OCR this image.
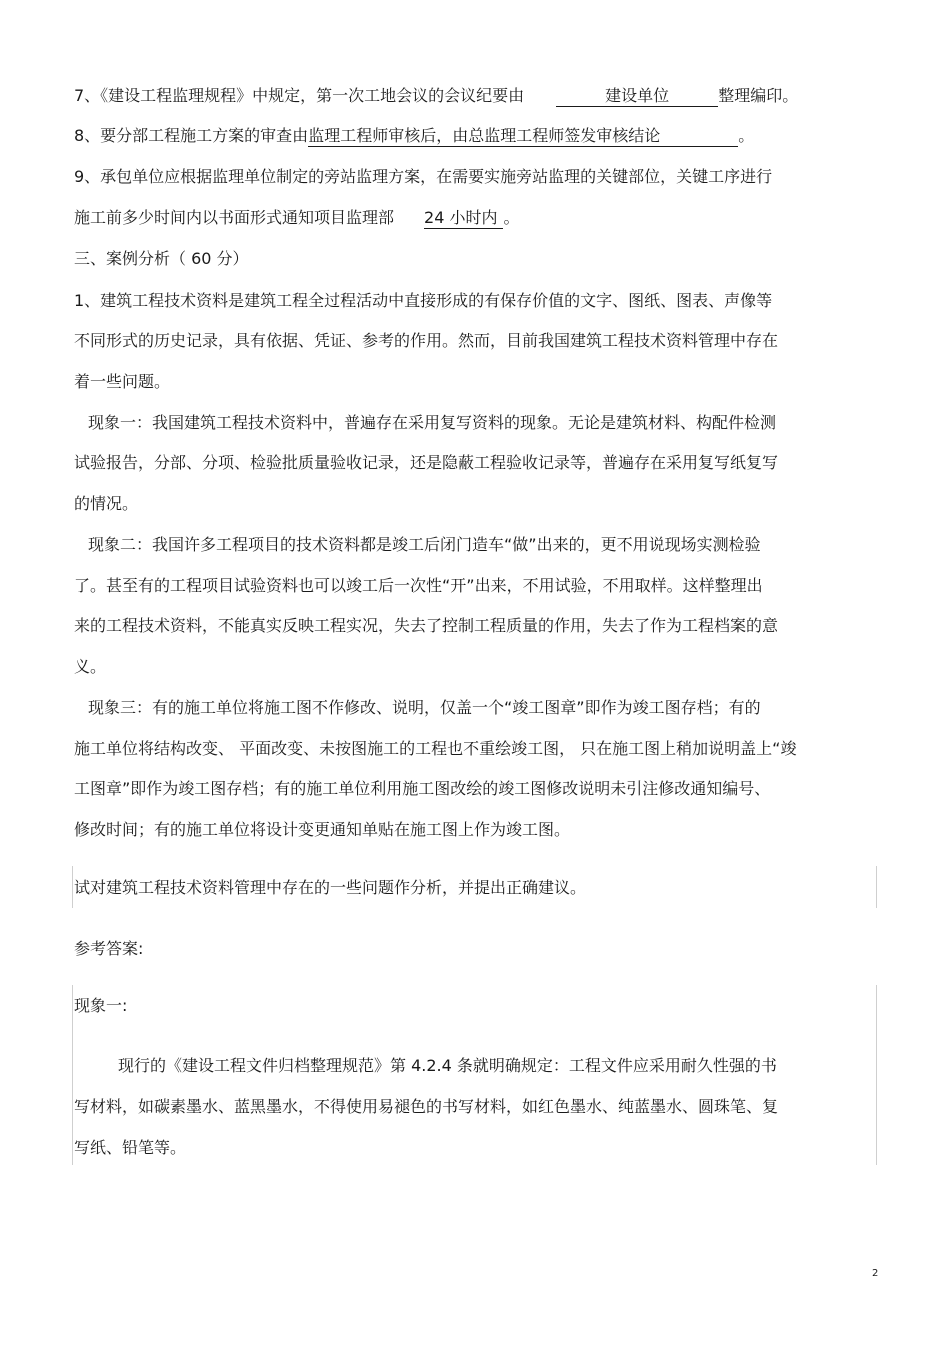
7、《建设工程监理规程》中规定，第一次工地会议的会议纪要由	建设单位	整理编印。
8、要分部工程施工方案的审查由监理工程师审核后，由总监理工程师签发审核结论	。
9、承包单位应根据监理单位制定的旁站监理方案，在需要实施旁站监理的关键部位，关键工序进行
施工前多少时间内以书面形式通知项目监理部 24 小时内 。
三、案例分析（ 60 分）
1、建筑工程技术资料是建筑工程全过程活动中直接形成的有保存价值的文字、图纸、图表、声像等
不同形式的历史记录，具有依据、凭证、参考的作用。然而，目前我国建筑工程技术资料管理中存在
着一些问题。
现象一：我国建筑工程技术资料中，普遍存在采用复写资料的现象。无论是建筑材料、构配件检测
试验报告，分部、分项、检验批质量验收记录，还是隐蔽工程验收记录等，普遍存在采用复写纸复写
的情况。
现象二：我国许多工程项目的技术资料都是竣工后闭门造车“做”出来的，更不用说现场实测检验
了。甚至有的工程项目试验资料也可以竣工后一次性“开”出来，不用试验，不用取样。这样整理出
来的工程技术资料，不能真实反映工程实况，失去了控制工程质量的作用，失去了作为工程档案的意
义。
现象三：有的施工单位将施工图不作修改、说明，仅盖一个“竣工图章”即作为竣工图存档；有的
施工单位将结构改变、 平面改变、未按图施工的工程也不重绘竣工图， 只在施工图上稍加说明盖上“竣
工图章”即作为竣工图存档；有的施工单位利用施工图改绘的竣工图修改说明未引注修改通知编号、
修改时间；有的施工单位将设计变更通知单贴在施工图上作为竣工图。
试对建筑工程技术资料管理中存在的一些问题作分析，并提出正确建议。
参考答案:
现象一:
现行的《建设工程文件归档整理规范》第 4.2.4 条就明确规定：工程文件应采用耐久性强的书
写材料，如碳素墨水、蓝黑墨水，不得使用易褪色的书写材料，如红色墨水、纯蓝墨水、圆珠笔、复
写纸、铅笔等。
2
